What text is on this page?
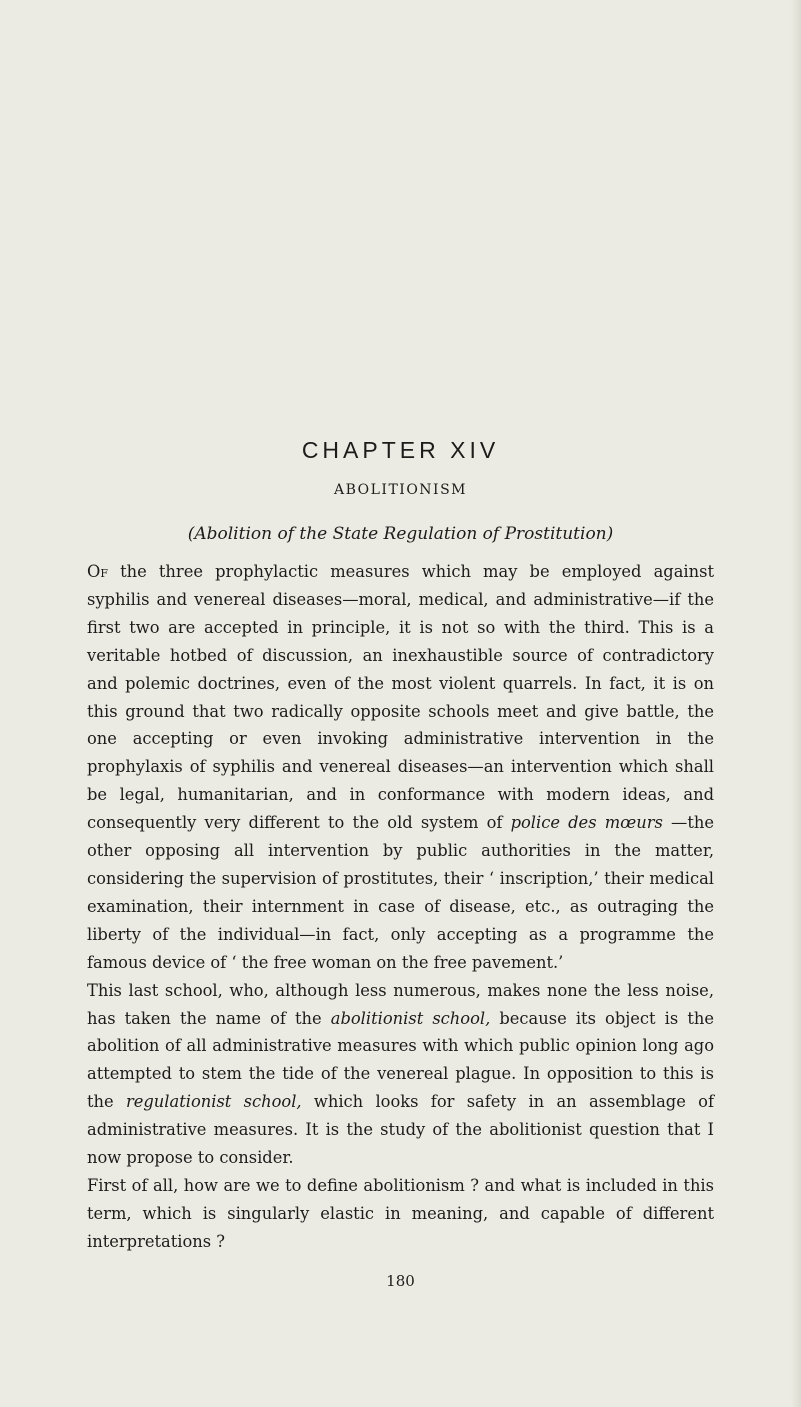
CHAPTER XIV
ABOLITIONISM

(Abolition of the State Regulation of Prostitution)

Of the three prophylactic measures which may be employed against syphilis and venereal diseases—moral, medical, and administrative—if the first two are accepted in principle, it is not so with the third. This is a veritable hotbed of discussion, an inexhaustible source of contradictory and polemic doctrines, even of the most violent quarrels. In fact, it is on this ground that two radically opposite schools meet and give battle, the one accepting or even invoking administrative intervention in the prophylaxis of syphilis and venereal diseases—an intervention which shall be legal, humanitarian, and in conformance with modern ideas, and consequently very different to the old system of police des mœurs —the other opposing all intervention by public authorities in the matter, considering the supervision of prostitutes, their ‘ inscription,’ their medical examination, their internment in case of disease, etc., as outraging the liberty of the individual—in fact, only accepting as a programme the famous device of ‘ the free woman on the free pavement.’

This last school, who, although less numerous, makes none the less noise, has taken the name of the abolitionist school, because its object is the abolition of all administrative measures with which public opinion long ago attempted to stem the tide of the venereal plague. In opposition to this is the regulationist school, which looks for safety in an assemblage of administrative measures. It is the study of the abolitionist question that I now propose to consider.

First of all, how are we to define abolitionism ? and what is included in this term, which is singularly elastic in meaning, and capable of different interpretations ?

180
